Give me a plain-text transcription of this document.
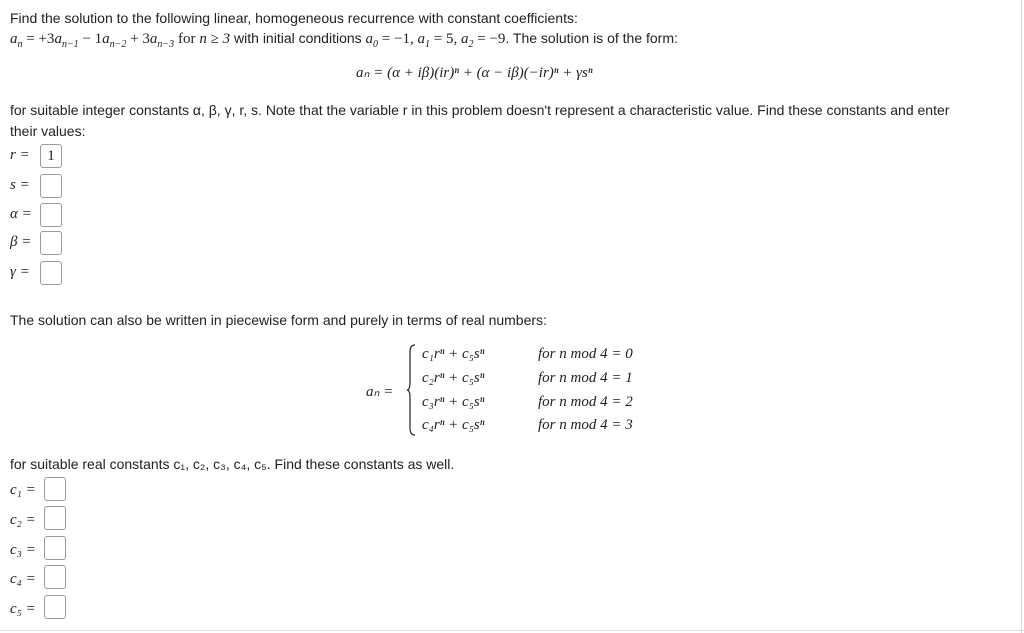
Find the solution to the following linear, homogeneous recurrence with constant coefficients:
$a_n = +3a_{n-1} - 1a_{n-2} + 3a_{n-3}$ for n ≥ 3 with initial conditions $a_0 = -1$, $a_1 = 5$, $a_2 = -9$. The solution is of the form:
aₙ = (α + iβ)(ir)ⁿ + (α − iβ)(−ir)ⁿ + γsⁿ
for suitable integer constants α, β, γ, r, s. Note that the variable r in this problem doesn't represent a characteristic value. Find these constants and enter
their values:
r =	1
s =
α =
β =
γ =
The solution can also be written in piecewise form and purely in terms of real numbers:
aₙ =
c₁rⁿ + c₅sⁿ	for n mod 4 = 0
c₂rⁿ + c₅sⁿ	for n mod 4 = 1
c₃rⁿ + c₅sⁿ	for n mod 4 = 2
c₄rⁿ + c₅sⁿ	for n mod 4 = 3
for suitable real constants c₁, c₂, c₃, c₄, c₅. Find these constants as well.
c₁ =
c₂ =
c₃ =
c₄ =
c₅ =
